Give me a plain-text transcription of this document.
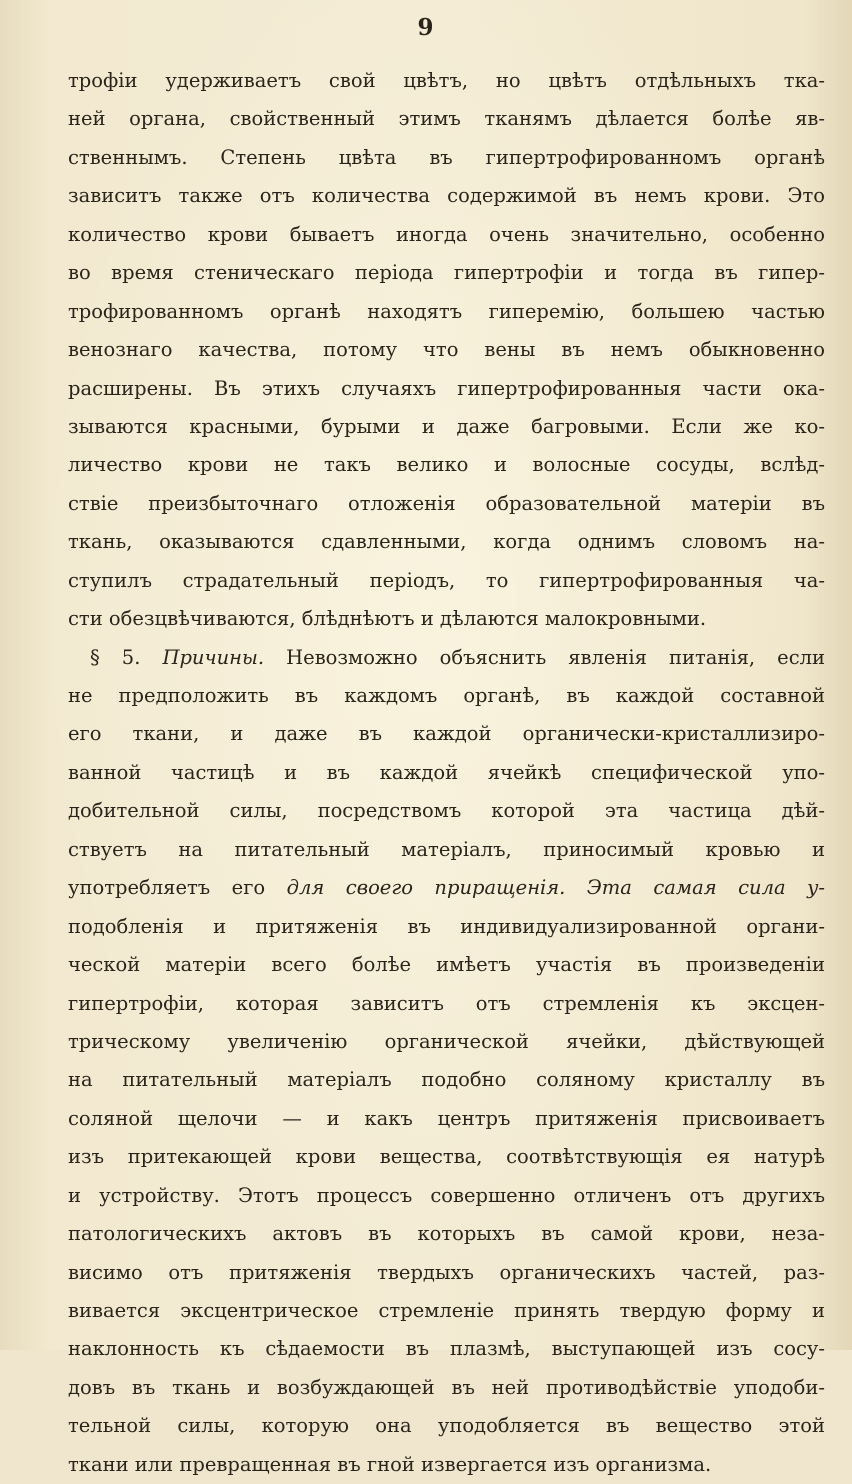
9
трофіи удерживаетъ свой цвѣтъ, но цвѣтъ отдѣльныхъ тка-
ней органа, свойственный этимъ тканямъ дѣлается болѣе яв-
ственнымъ. Степень цвѣта въ гипертрофированномъ органѣ
зависитъ также отъ количества содержимой въ немъ крови. Это
количество крови бываетъ иногда очень значительно, особенно
во время стеническаго періода гипертрофіи и тогда въ гипер-
трофированномъ органѣ находятъ гиперемію, большею частью
венознаго качества, потому что вены въ немъ обыкновенно
расширены. Въ этихъ случаяхъ гипертрофированныя части ока-
зываются красными, бурыми и даже багровыми. Если же ко-
личество крови не такъ велико и волосные сосуды, вслѣд-
ствіе преизбыточнаго отложенія образовательной матеріи въ
ткань, оказываются сдавленными, когда однимъ словомъ на-
ступилъ страдательный періодъ, то гипертрофированныя ча-
сти обезцвѣчиваются, блѣднѣютъ и дѣлаются малокровными.
§ 5. Причины. Невозможно объяснить явленія питанія, если
не предположить въ каждомъ органѣ, въ каждой составной
его ткани, и даже въ каждой органически-кристаллизиро-
ванной частицѣ и въ каждой ячейкѣ специфической упо-
добительной силы, посредствомъ которой эта частица дѣй-
ствуетъ на питательный матеріалъ, приносимый кровью и
употребляетъ его для своего приращенія. Эта самая сила у-
подобленія и притяженія въ индивидуализированной органи-
ческой матеріи всего болѣе имѣетъ участія въ произведеніи
гипертрофіи, которая зависитъ отъ стремленія къ эксцен-
трическому увеличенію органической ячейки, дѣйствующей
на питательный матеріалъ подобно соляному кристаллу въ
соляной щелочи — и какъ центръ притяженія присвоиваетъ
изъ притекающей крови вещества, соотвѣтствующія ея натурѣ
и устройству. Этотъ процессъ совершенно отличенъ отъ другихъ
патологическихъ актовъ въ которыхъ въ самой крови, неза-
висимо отъ притяженія твердыхъ органическихъ частей, раз-
вивается эксцентрическое стремленіе принять твердую форму и
наклонность къ сѣдаемости въ плазмѣ, выступающей изъ сосу-
довъ въ ткань и возбуждающей въ ней противодѣйствіе уподоби-
тельной силы, которую она уподобляется въ вещество этой
ткани или превращенная въ гной извергается изъ организма.
